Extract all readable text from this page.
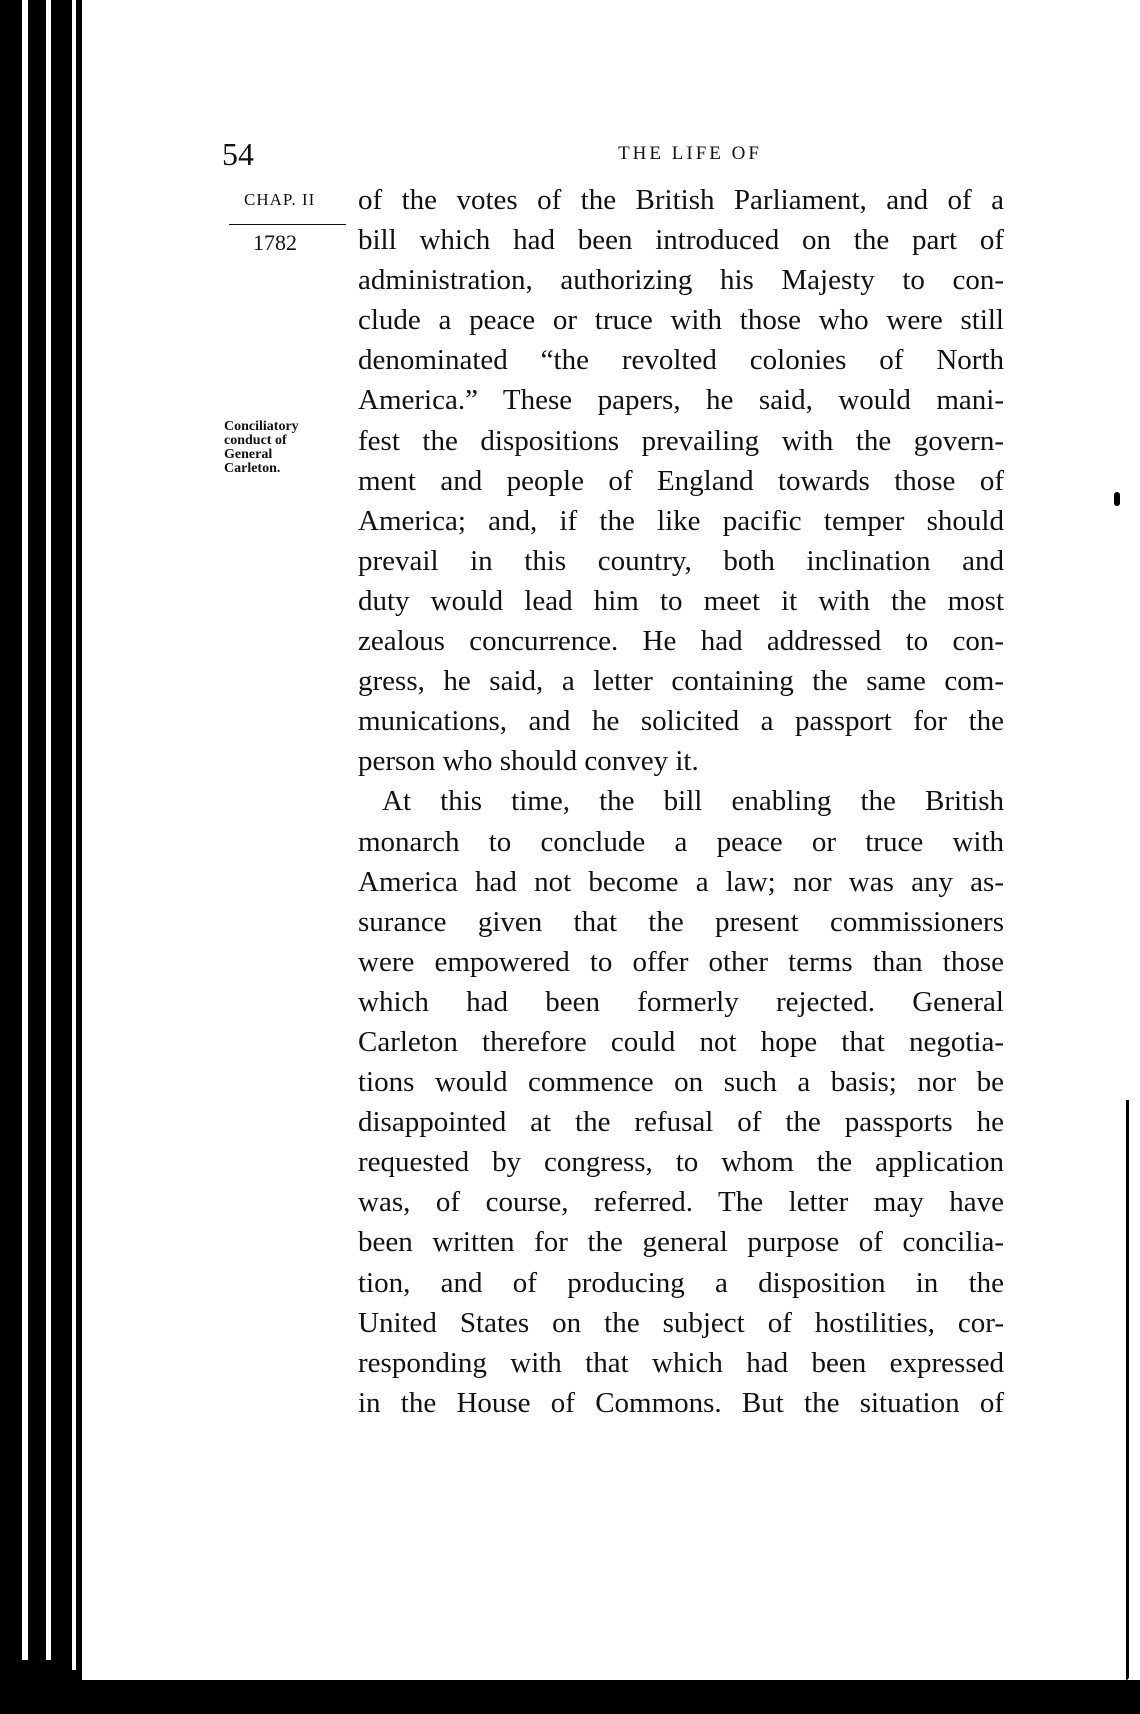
54	THE LIFE OF
CHAP. II
1782
Conciliatory
conduct of
General
Carleton.
of the votes of the British Parliament, and of a
bill which had been introduced on the part of
administration, authorizing his Majesty to con-
clude a peace or truce with those who were still
denominated “the revolted colonies of North
America.” These papers, he said, would mani-
fest the dispositions prevailing with the govern-
ment and people of England towards those of
America; and, if the like pacific temper should
prevail in this country, both inclination and
duty would lead him to meet it with the most
zealous concurrence. He had addressed to con-
gress, he said, a letter containing the same com-
munications, and he solicited a passport for the
person who should convey it.
At this time, the bill enabling the British
monarch to conclude a peace or truce with
America had not become a law; nor was any as-
surance given that the present commissioners
were empowered to offer other terms than those
which had been formerly rejected. General
Carleton therefore could not hope that negotia-
tions would commence on such a basis; nor be
disappointed at the refusal of the passports he
requested by congress, to whom the application
was, of course, referred. The letter may have
been written for the general purpose of concilia-
tion, and of producing a disposition in the
United States on the subject of hostilities, cor-
responding with that which had been expressed
in the House of Commons. But the situation of
